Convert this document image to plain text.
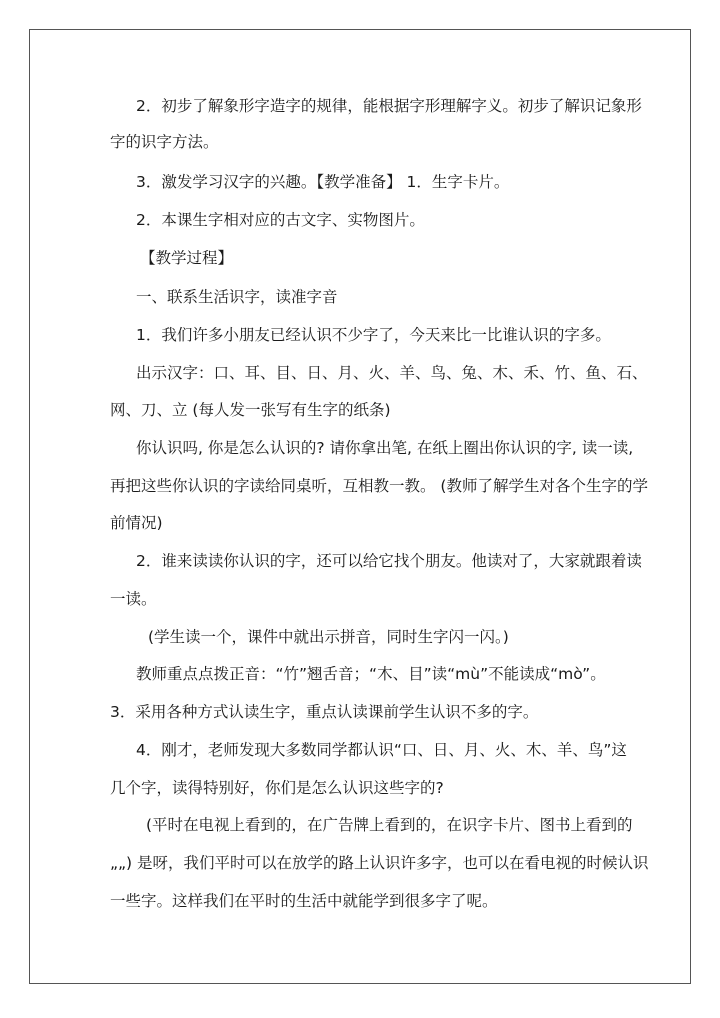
2．初步了解象形字造字的规律，能根据字形理解字义。初步了解识记象形
字的识字方法。
3．激发学习汉字的兴趣。【教学准备】 1．生字卡片。
2．本课生字相对应的古文字、实物图片。
【教学过程】
一、联系生活识字，读准字音
1．我们许多小朋友已经认识不少字了，今天来比一比谁认识的字多。
出示汉字：口、耳、目、日、月、火、羊、鸟、兔、木、禾、竹、鱼、石、
网、刀、立 (每人发一张写有生字的纸条)
你认识吗, 你是怎么认识的? 请你拿出笔, 在纸上圈出你认识的字, 读一读,
再把这些你认识的字读给同桌听，互相教一教。 (教师了解学生对各个生字的学
前情况)
2．谁来读读你认识的字，还可以给它找个朋友。他读对了，大家就跟着读
一读。
(学生读一个，课件中就出示拼音，同时生字闪一闪。)
教师重点点拨正音：“竹”翘舌音；“木、目”读“mù”不能读成“mò”。
3．采用各种方式认读生字，重点认读课前学生认识不多的字。
4．刚才，老师发现大多数同学都认识“口、日、月、火、木、羊、鸟”这
几个字，读得特别好，你们是怎么认识这些字的?
(平时在电视上看到的，在广告牌上看到的，在识字卡片、图书上看到的
„„) 是呀，我们平时可以在放学的路上认识许多字，也可以在看电视的时候认识
一些字。这样我们在平时的生活中就能学到很多字了呢。
